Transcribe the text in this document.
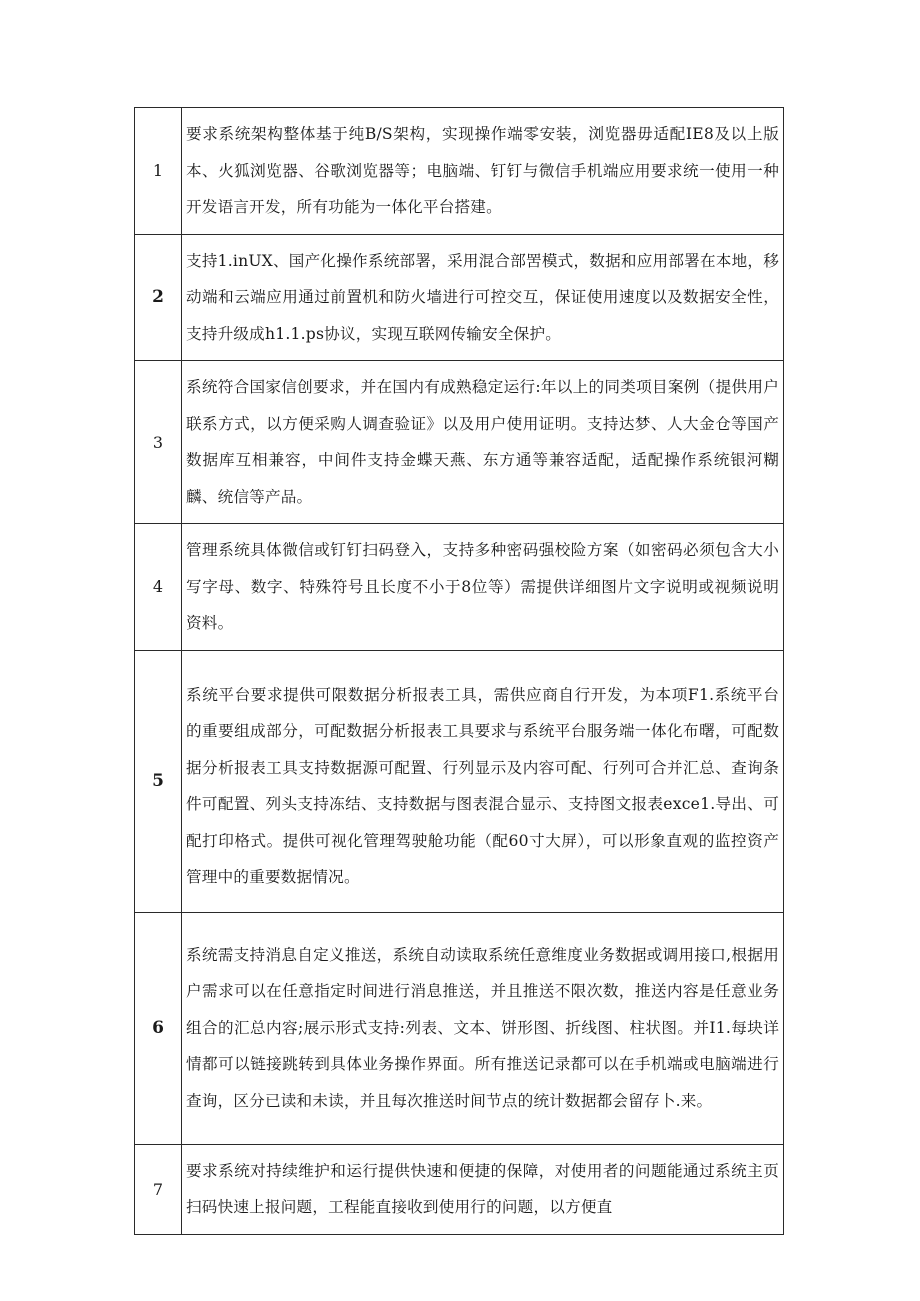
1	要求系统架构整体基于纯B/S架构，实现操作端零安装，浏览器毋适配IE8及以上版本、火狐浏览器、谷歌浏览器等；电脑端、钉钉与微信手机端应用要求统一使用一种开发语言开发，所有功能为一体化平台搭建。
2	支持1.inUX、国产化操作系统部署，采用混合部罟模式，数据和应用部署在本地，移动端和云端应用通过前置机和防火墙进行可控交互，保证使用速度以及数据安全性，支持升级成h1.1.ps协议，实现互联网传输安全保护。
3	系统符合国家信创要求，并在国内有成熟稳定运行:年以上的同类项目案例（提供用户联系方式，以方便采购人调查验证》以及用户使用证明。支持达梦、人大金仓等国产数据库互相兼容，中间件支持金蝶天燕、东方通等兼容适配，适配操作系统银河糊麟、统信等产品。
4	管理系统具体微信或钉钉扫码登入，支持多种密码强校险方案（如密码必须包含大小写字母、数字、特殊符号且长度不小于8位等）需提供详细图片文字说明或视频说明资料。
5	系统平台要求提供可限数据分析报表工具，需供应商自行开发，为本项F1.系统平台的重要组成部分，可配数据分析报表工具要求与系统平台服务端一体化布曙，可配数据分析报表工具支持数据源可配置、行列显示及内容可配、行列可合并汇总、查询条件可配置、列头支持冻结、支持数据与图表混合显示、支持图文报表exce1.导出、可配打印格式。提供可视化管理驾驶舱功能（配60寸大屏），可以形象直观的监控资产管理中的重要数据情况。
6	系统需支持消息自定义推送，系统自动读取系统任意维度业务数据或调用接口,根据用户需求可以在任意指定时间进行消息推送，并且推送不限次数，推送内容是任意业务组合的汇总内容;展示形式支持:列表、文本、饼形图、折线图、柱状图。并I1.每块详情都可以链接跳转到具体业务操作界面。所有推送记录都可以在手机端或电脑端进行查询，区分已读和未读，并且每次推送时间节点的统计数据都会留存卜.来。
7	要求系统对持续维护和运行提供快速和便捷的保障，对使用者的问题能通过系统主页扫码快速上报问题，工程能直接收到使用行的问题，以方便直
